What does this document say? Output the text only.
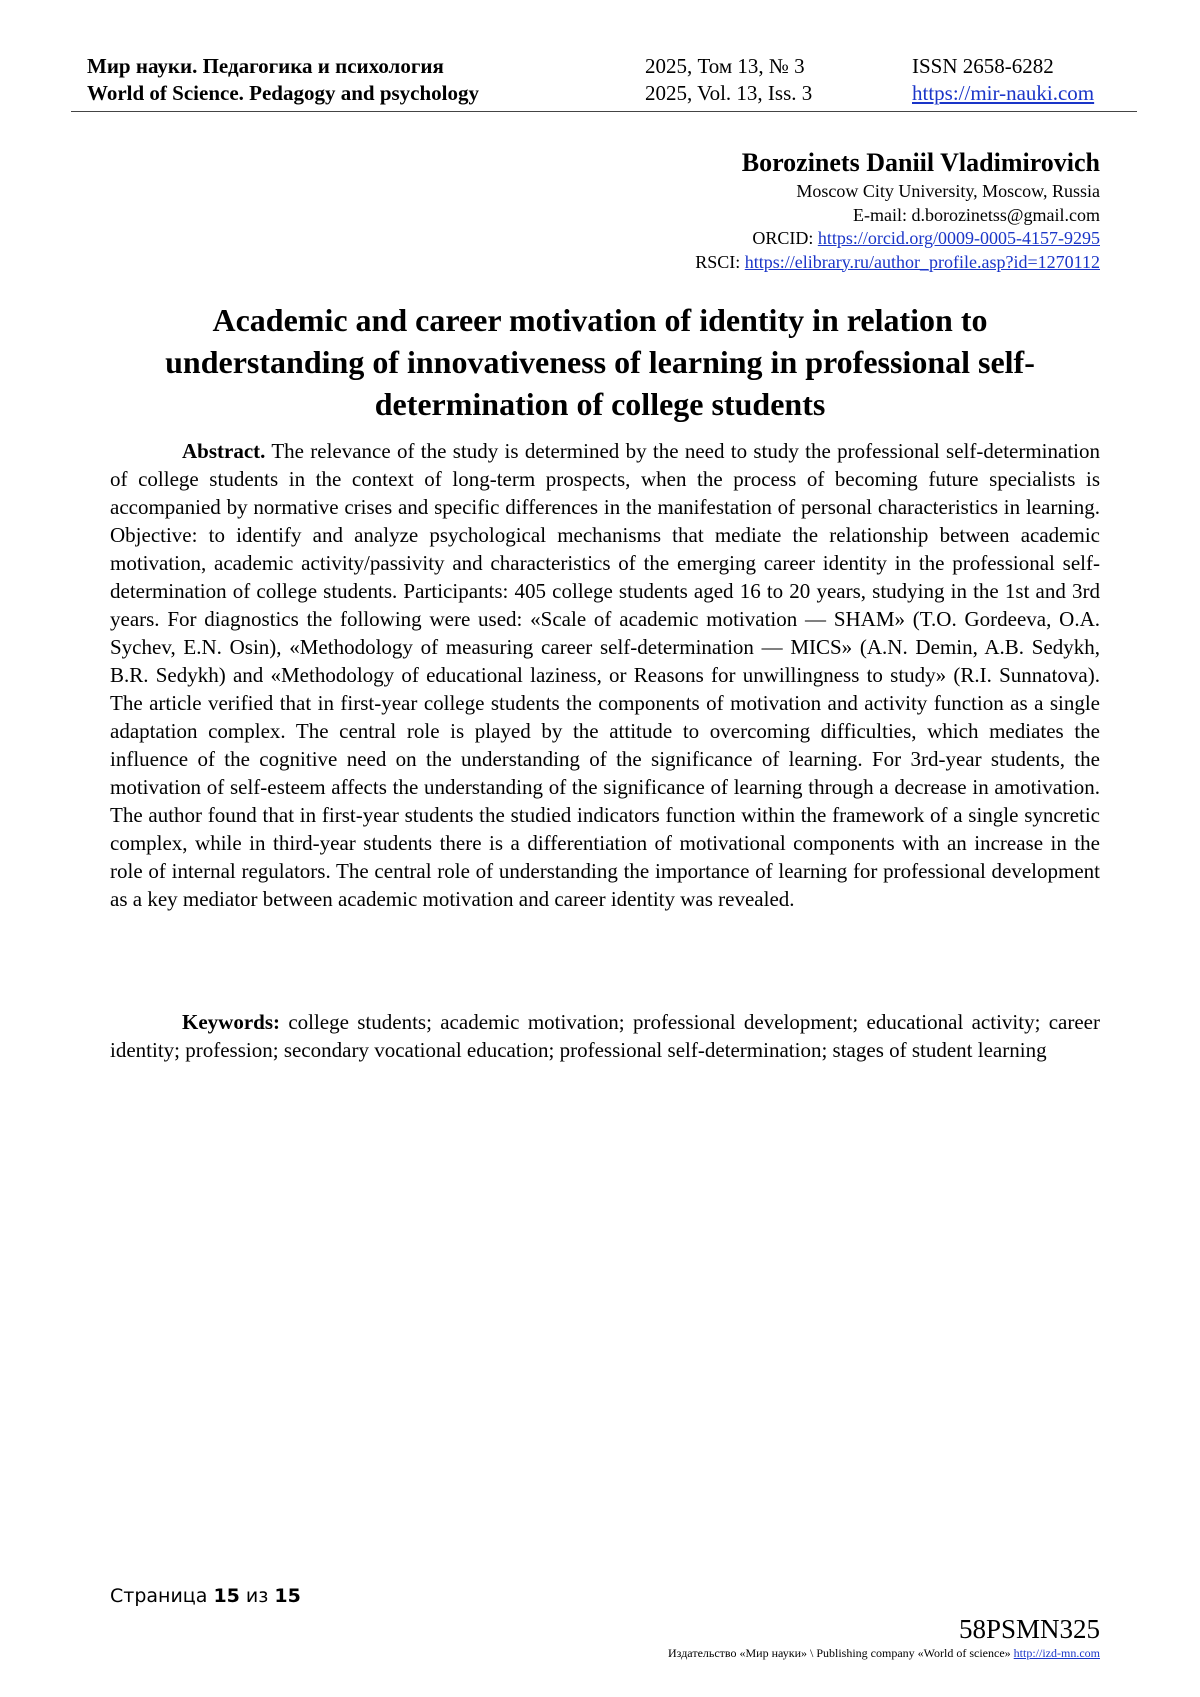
Мир науки. Педагогика и психология	2025, Том 13, № 3	ISSN 2658-6282
World of Science. Pedagogy and psychology	2025, Vol. 13, Iss. 3	https://mir-nauki.com
Borozinets Daniil Vladimirovich
Moscow City University, Moscow, Russia
E-mail: d.borozinetss@gmail.com
ORCID: https://orcid.org/0009-0005-4157-9295
RSCI: https://elibrary.ru/author_profile.asp?id=1270112
Academic and career motivation of identity in relation to understanding of innovativeness of learning in professional self-determination of college students

Abstract. The relevance of the study is determined by the need to study the professional self-determination of college students in the context of long-term prospects, when the process of becoming future specialists is accompanied by normative crises and specific differences in the manifestation of personal characteristics in learning. Objective: to identify and analyze psychological mechanisms that mediate the relationship between academic motivation, academic activity/passivity and characteristics of the emerging career identity in the professional self-determination of college students. Participants: 405 college students aged 16 to 20 years, studying in the 1st and 3rd years. For diagnostics the following were used: «Scale of academic motivation — SHAM» (T.O. Gordeeva, O.A. Sychev, E.N. Osin), «Methodology of measuring career self-determination — MICS» (A.N. Demin, A.B. Sedykh, B.R. Sedykh) and «Methodology of educational laziness, or Reasons for unwillingness to study» (R.I. Sunnatova). The article verified that in first-year college students the components of motivation and activity function as a single adaptation complex. The central role is played by the attitude to overcoming difficulties, which mediates the influence of the cognitive need on the understanding of the significance of learning. For 3rd-year students, the motivation of self-esteem affects the understanding of the significance of learning through a decrease in amotivation. The author found that in first-year students the studied indicators function within the framework of a single syncretic complex, while in third-year students there is a differentiation of motivational components with an increase in the role of internal regulators. The central role of understanding the importance of learning for professional development as a key mediator between academic motivation and career identity was revealed.

Keywords: college students; academic motivation; professional development; educational activity; career identity; profession; secondary vocational education; professional self-determination; stages of student learning

Страница 15 из 15
58PSMN325
Издательство «Мир науки» \ Publishing company «World of science» http://izd-mn.com
